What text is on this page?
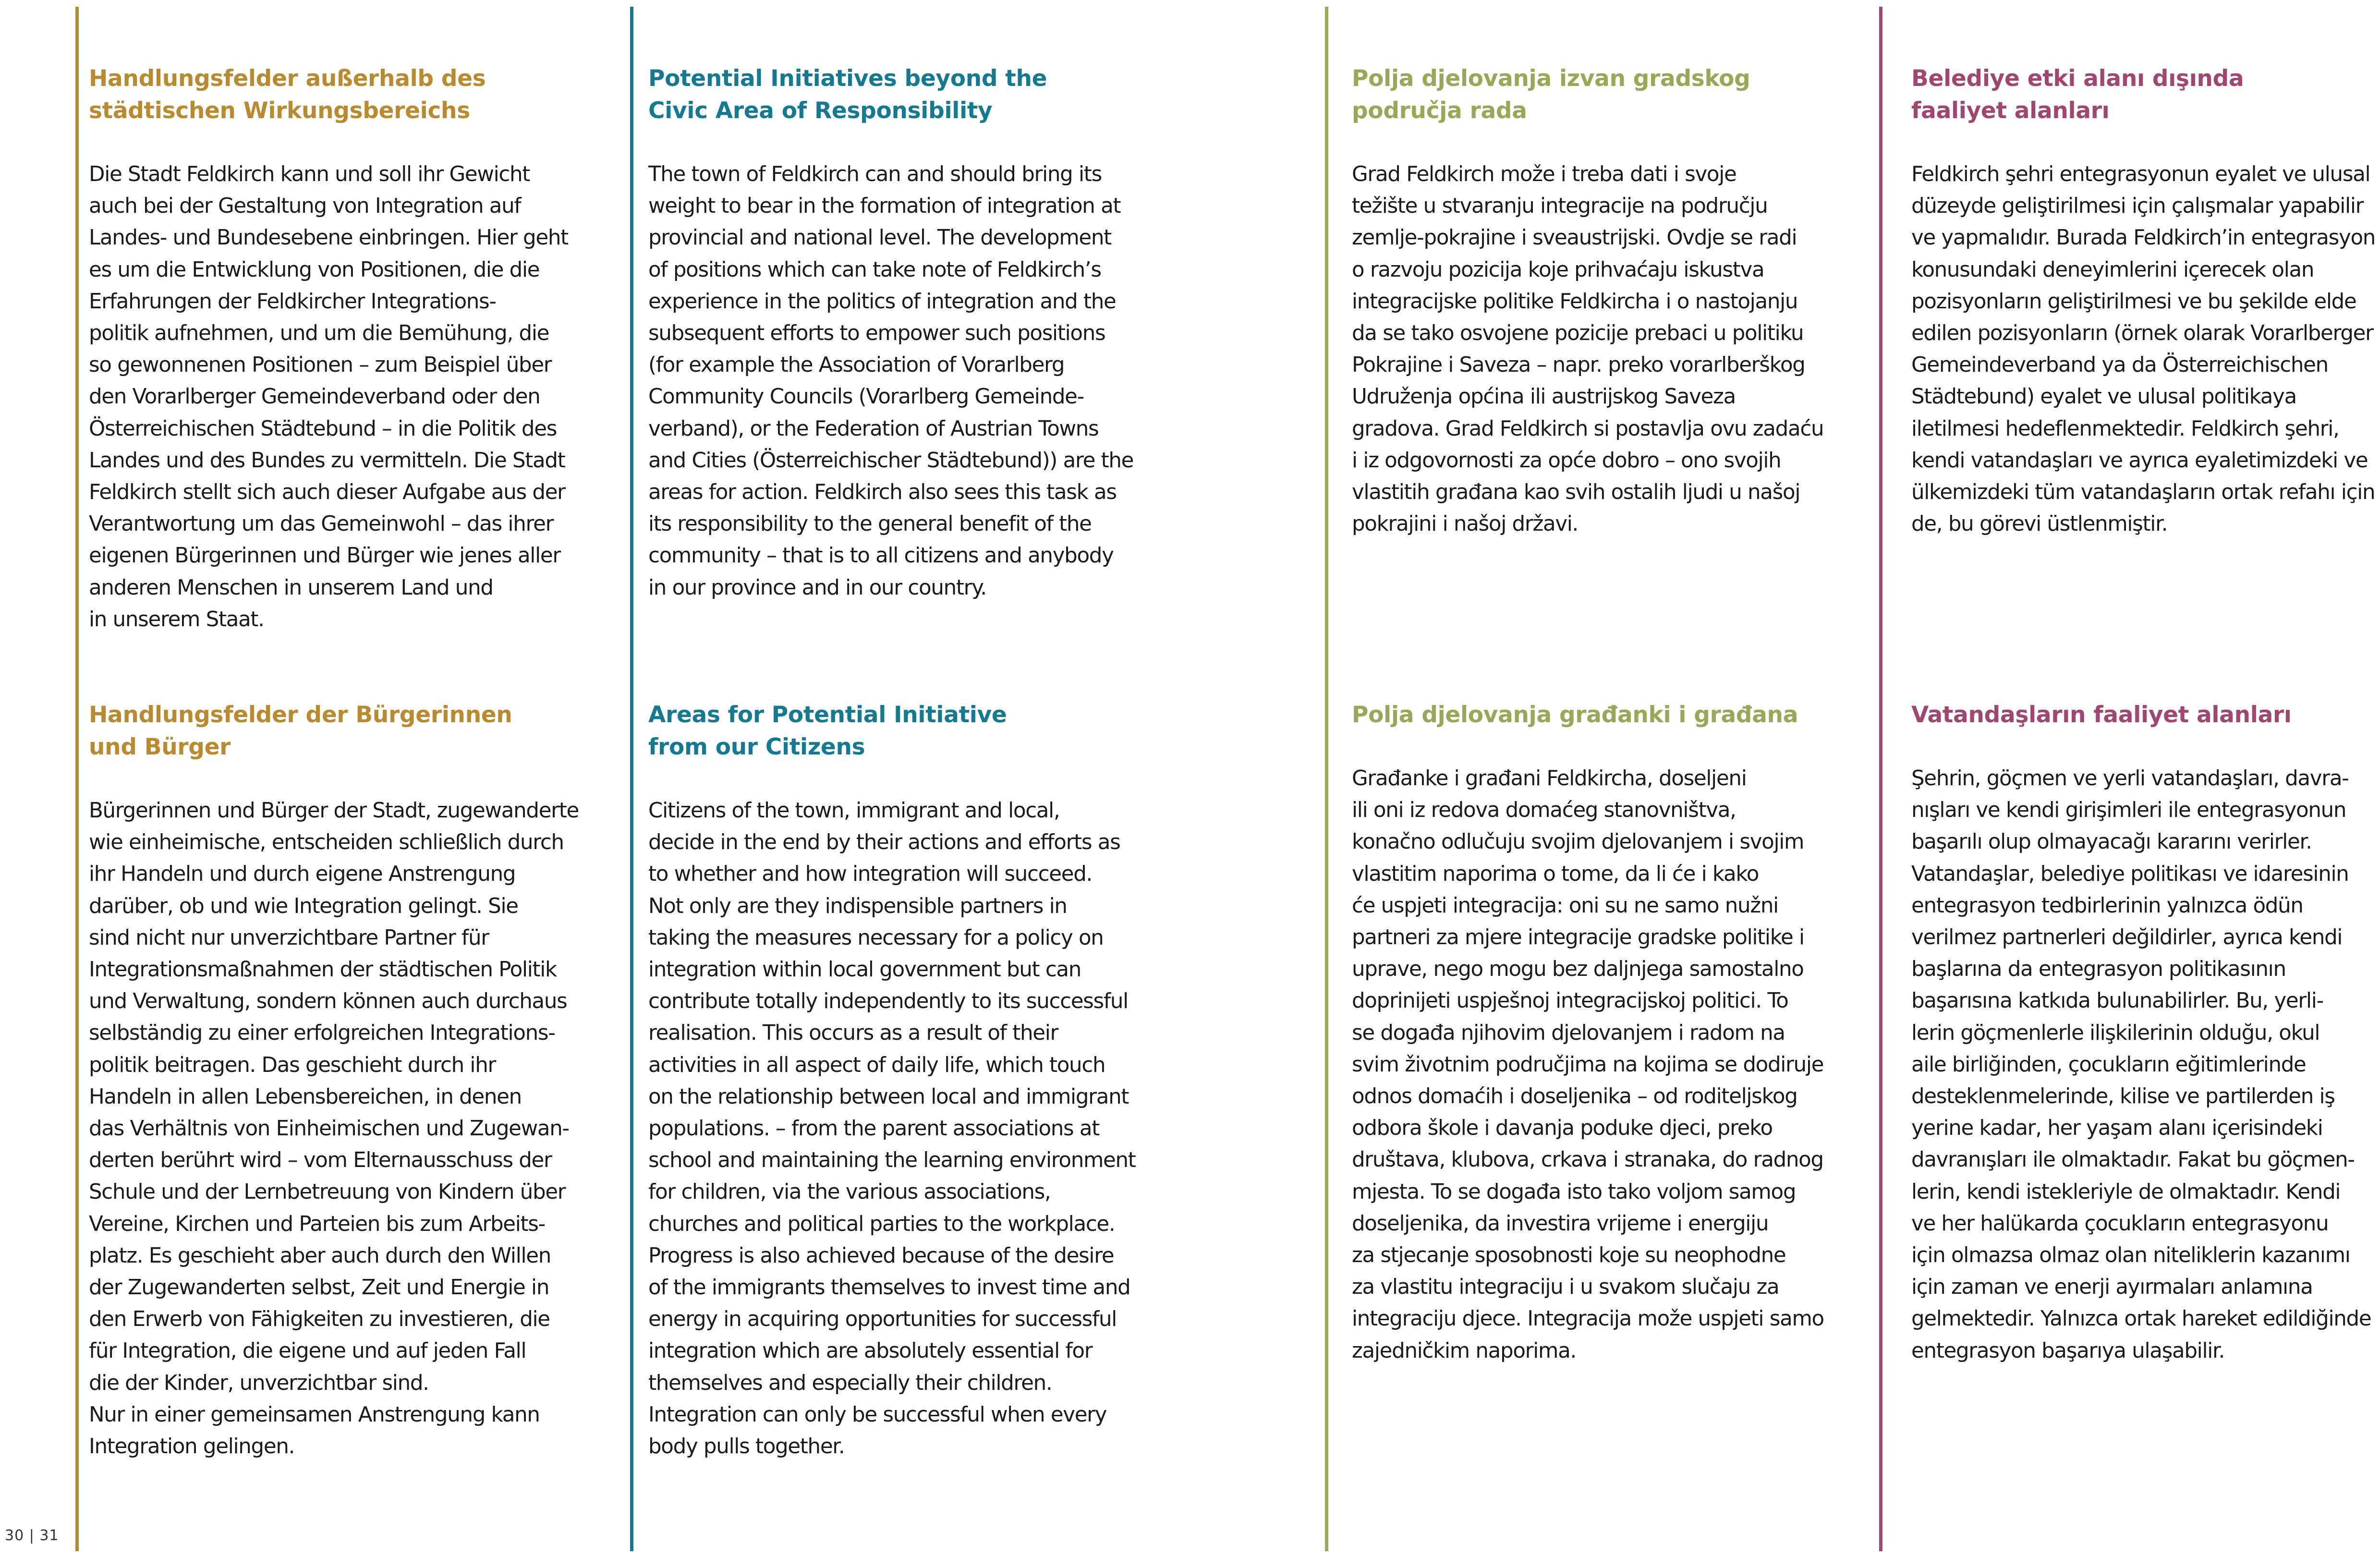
Handlungsfelder außerhalb des
städtischen Wirkungsbereichs

Die Stadt Feldkirch kann und soll ihr Gewicht
auch bei der Gestaltung von Integration auf
Landes- und Bundesebene einbringen. Hier geht
es um die Entwicklung von Positionen, die die
Erfahrungen der Feldkircher Integrations-
politik aufnehmen, und um die Bemühung, die
so gewonnenen Positionen – zum Beispiel über
den Vorarlberger Gemeindeverband oder den
Österreichischen Städtebund – in die Politik des
Landes und des Bundes zu vermitteln. Die Stadt
Feldkirch stellt sich auch dieser Aufgabe aus der
Verantwortung um das Gemeinwohl – das ihrer
eigenen Bürgerinnen und Bürger wie jenes aller
anderen Menschen in unserem Land und
in unserem Staat.

Handlungsfelder der Bürgerinnen
und Bürger

Bürgerinnen und Bürger der Stadt, zugewanderte
wie einheimische, entscheiden schließlich durch
ihr Handeln und durch eigene Anstrengung
darüber, ob und wie Integration gelingt. Sie
sind nicht nur unverzichtbare Partner für
Integrationsmaßnahmen der städtischen Politik
und Verwaltung, sondern können auch durchaus
selbständig zu einer erfolgreichen Integrations-
politik beitragen. Das geschieht durch ihr
Handeln in allen Lebensbereichen, in denen
das Verhältnis von Einheimischen und Zugewan-
derten berührt wird – vom Elternausschuss der
Schule und der Lernbetreuung von Kindern über
Vereine, Kirchen und Parteien bis zum Arbeits-
platz. Es geschieht aber auch durch den Willen
der Zugewanderten selbst, Zeit und Energie in
den Erwerb von Fähigkeiten zu investieren, die
für Integration, die eigene und auf jeden Fall
die der Kinder, unverzichtbar sind.
Nur in einer gemeinsamen Anstrengung kann
Integration gelingen.

Potential Initiatives beyond the
Civic Area of Responsibility

The town of Feldkirch can and should bring its
weight to bear in the formation of integration at
provincial and national level. The development
of positions which can take note of Feldkirch’s
experience in the politics of integration and the
subsequent efforts to empower such positions
(for example the Association of Vorarlberg
Community Councils (Vorarlberg Gemeinde-
verband), or the Federation of Austrian Towns
and Cities (Österreichischer Städtebund)) are the
areas for action. Feldkirch also sees this task as
its responsibility to the general benefit of the
community – that is to all citizens and anybody
in our province and in our country.

Areas for Potential Initiative
from our Citizens

Citizens of the town, immigrant and local,
decide in the end by their actions and efforts as
to whether and how integration will succeed.
Not only are they indispensible partners in
taking the measures necessary for a policy on
integration within local government but can
contribute totally independently to its successful
realisation. This occurs as a result of their
activities in all aspect of daily life, which touch
on the relationship between local and immigrant
populations. – from the parent associations at
school and maintaining the learning environment
for children, via the various associations,
churches and political parties to the workplace.
Progress is also achieved because of the desire
of the immigrants themselves to invest time and
energy in acquiring opportunities for successful
integration which are absolutely essential for
themselves and especially their children.
Integration can only be successful when every
body pulls together.

Polja djelovanja izvan gradskog
područja rada

Grad Feldkirch može i treba dati i svoje
težište u stvaranju integracije na području
zemlje-pokrajine i sveaustrijski. Ovdje se radi
o razvoju pozicija koje prihvaćaju iskustva
integracijske politike Feldkircha i o nastojanju
da se tako osvojene pozicije prebaci u politiku
Pokrajine i Saveza – napr. preko vorarlberškog
Udruženja općina ili austrijskog Saveza
gradova. Grad Feldkirch si postavlja ovu zadaću
i iz odgovornosti za opće dobro – ono svojih
vlastitih građana kao svih ostalih ljudi u našoj
pokrajini i našoj državi.

Polja djelovanja građanki i građana

Građanke i građani Feldkircha, doseljeni
ili oni iz redova domaćeg stanovništva,
konačno odlučuju svojim djelovanjem i svojim
vlastitim naporima o tome, da li će i kako
će uspjeti integracija: oni su ne samo nužni
partneri za mjere integracije gradske politike i
uprave, nego mogu bez daljnjega samostalno
doprinijeti uspješnoj integracijskoj politici. To
se događa njihovim djelovanjem i radom na
svim životnim područjima na kojima se dodiruje
odnos domaćih i doseljenika – od roditeljskog
odbora škole i davanja poduke djeci, preko
društava, klubova, crkava i stranaka, do radnog
mjesta. To se događa isto tako voljom samog
doseljenika, da investira vrijeme i energiju
za stjecanje sposobnosti koje su neophodne
za vlastitu integraciju i u svakom slučaju za
integraciju djece. Integracija može uspjeti samo
zajedničkim naporima.

Belediye etki alanı dışında
faaliyet alanları

Feldkirch şehri entegrasyonun eyalet ve ulusal
düzeyde geliştirilmesi için çalışmalar yapabilir
ve yapmalıdır. Burada Feldkirch’in entegrasyon
konusundaki deneyimlerini içerecek olan
pozisyonların geliştirilmesi ve bu şekilde elde
edilen pozisyonların (örnek olarak Vorarlberger
Gemeindeverband ya da Österreichischen
Städtebund) eyalet ve ulusal politikaya
iletilmesi hedeflenmektedir. Feldkirch şehri,
kendi vatandaşları ve ayrıca eyaletimizdeki ve
ülkemizdeki tüm vatandaşların ortak refahı için
de, bu görevi üstlenmiştir.

Vatandaşların faaliyet alanları

Şehrin, göçmen ve yerli vatandaşları, davra-
nışları ve kendi girişimleri ile entegrasyonun
başarılı olup olmayacağı kararını verirler.
Vatandaşlar, belediye politikası ve idaresinin
entegrasyon tedbirlerinin yalnızca ödün
verilmez partnerleri değildirler, ayrıca kendi
başlarına da entegrasyon politikasının
başarısına katkıda bulunabilirler. Bu, yerli-
lerin göçmenlerle ilişkilerinin olduğu, okul
aile birliğinden, çocukların eğitimlerinde
desteklenmelerinde, kilise ve partilerden iş
yerine kadar, her yaşam alanı içerisindeki
davranışları ile olmaktadır. Fakat bu göçmen-
lerin, kendi istekleriyle de olmaktadır. Kendi
ve her halükarda çocukların entegrasyonu
için olmazsa olmaz olan niteliklerin kazanımı
için zaman ve enerji ayırmaları anlamına
gelmektedir. Yalnızca ortak hareket edildiğinde
entegrasyon başarıya ulaşabilir.

30 | 31
